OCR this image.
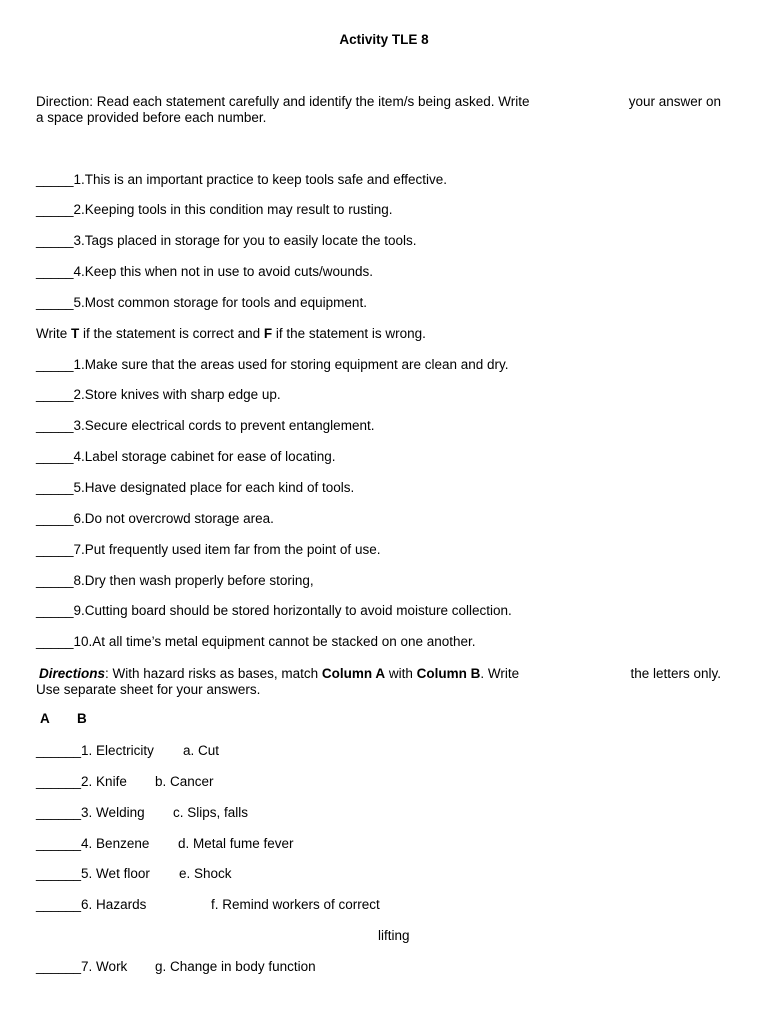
Activity TLE 8
Direction: Read each statement carefully and identify the item/s being asked. Write	your answer on
a space provided before each number.
_____1.This is an important practice to keep tools safe and effective.
_____2.Keeping tools in this condition may result to rusting.
_____3.Tags placed in storage for you to easily locate the tools.
_____4.Keep this when not in use to avoid cuts/wounds.
_____5.Most common storage for tools and equipment.
Write T if the statement is correct and F if the statement is wrong.
_____1.Make sure that the areas used for storing equipment are clean and dry.
_____2.Store knives with sharp edge up.
_____3.Secure electrical cords to prevent entanglement.
_____4.Label storage cabinet for ease of locating.
_____5.Have designated place for each kind of tools.
_____6.Do not overcrowd storage area.
_____7.Put frequently used item far from the point of use.
_____8.Dry then wash properly before storing,
_____9.Cutting board should be stored horizontally to avoid moisture collection.
_____10.At all time’s metal equipment cannot be stacked on one another.
Directions: With hazard risks as bases, match Column A with Column B. Write	the letters only.
Use separate sheet for your answers.
A B
______1. Electricity a. Cut
______2. Knife b. Cancer
______3. Welding c. Slips, falls
______4. Benzene d. Metal fume fever
______5. Wet floor e. Shock
______6. Hazards	f. Remind workers of correct
lifting
______7. Work g. Change in body function
